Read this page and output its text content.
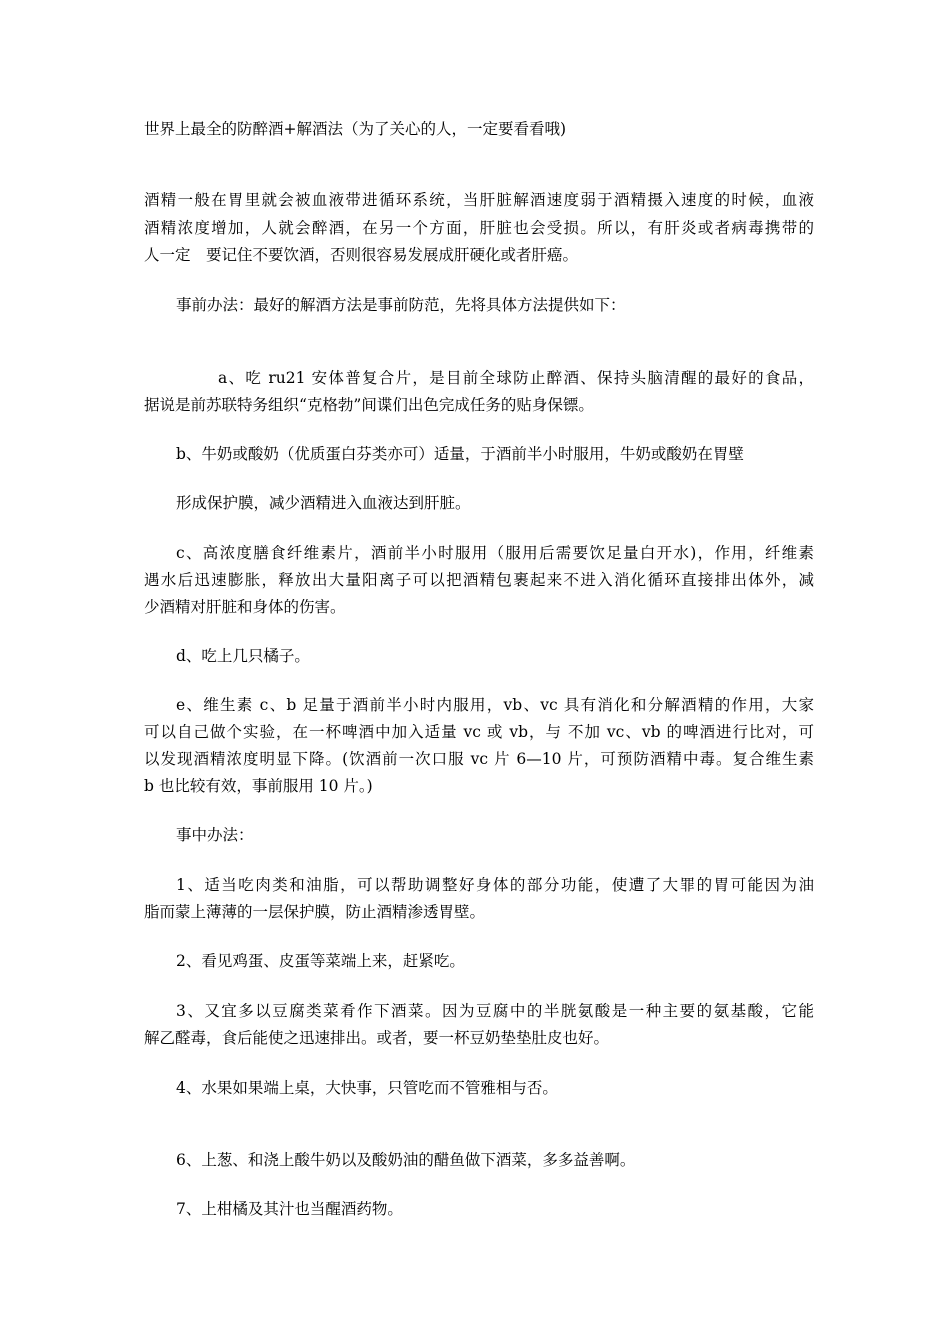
世界上最全的防醉酒+解酒法（为了关心的人，一定要看看哦)
酒精一般在胃里就会被血液带进循环系统，当肝脏解酒速度弱于酒精摄入速度的时候，血液
酒精浓度增加，人就会醉酒，在另一个方面，肝脏也会受损。所以，有肝炎或者病毒携带的
人一定　要记住不要饮酒，否则很容易发展成肝硬化或者肝癌。
事前办法：最好的解酒方法是事前防范，先将具体方法提供如下：
a、吃 ru21 安体普复合片，是目前全球防止醉酒、保持头脑清醒的最好的食品，
据说是前苏联特务组织“克格勃”间谍们出色完成任务的贴身保镖。
b、牛奶或酸奶（优质蛋白芬类亦可）适量，于酒前半小时服用，牛奶或酸奶在胃壁
形成保护膜，减少酒精进入血液达到肝脏。
c、高浓度膳食纤维素片，酒前半小时服用（服用后需要饮足量白开水)，作用，纤维素
遇水后迅速膨胀，释放出大量阳离子可以把酒精包裹起来不进入消化循环直接排出体外，减
少酒精对肝脏和身体的伤害。
d、吃上几只橘子。
e、维生素 c、b 足量于酒前半小时内服用，vb、vc 具有消化和分解酒精的作用，大家
可以自己做个实验，在一杯啤酒中加入适量 vc 或 vb，与 不加 vc、vb 的啤酒进行比对，可
以发现酒精浓度明显下降。(饮酒前一次口服 vc 片 6—10 片，可预防酒精中毒。复合维生素
b 也比较有效，事前服用 10 片。)
事中办法：
1、适当吃肉类和油脂，可以帮助调整好身体的部分功能，使遭了大罪的胃可能因为油
脂而蒙上薄薄的一层保护膜，防止酒精渗透胃壁。
2、看见鸡蛋、皮蛋等菜端上来，赶紧吃。
3、又宜多以豆腐类菜肴作下酒菜。因为豆腐中的半胱氨酸是一种主要的氨基酸，它能
解乙醛毒，食后能使之迅速排出。或者，要一杯豆奶垫垫肚皮也好。
4、水果如果端上桌，大快事，只管吃而不管雅相与否。
6、上葱、和浇上酸牛奶以及酸奶油的醋鱼做下酒菜，多多益善啊。
7、上柑橘及其汁也当醒酒药物。
